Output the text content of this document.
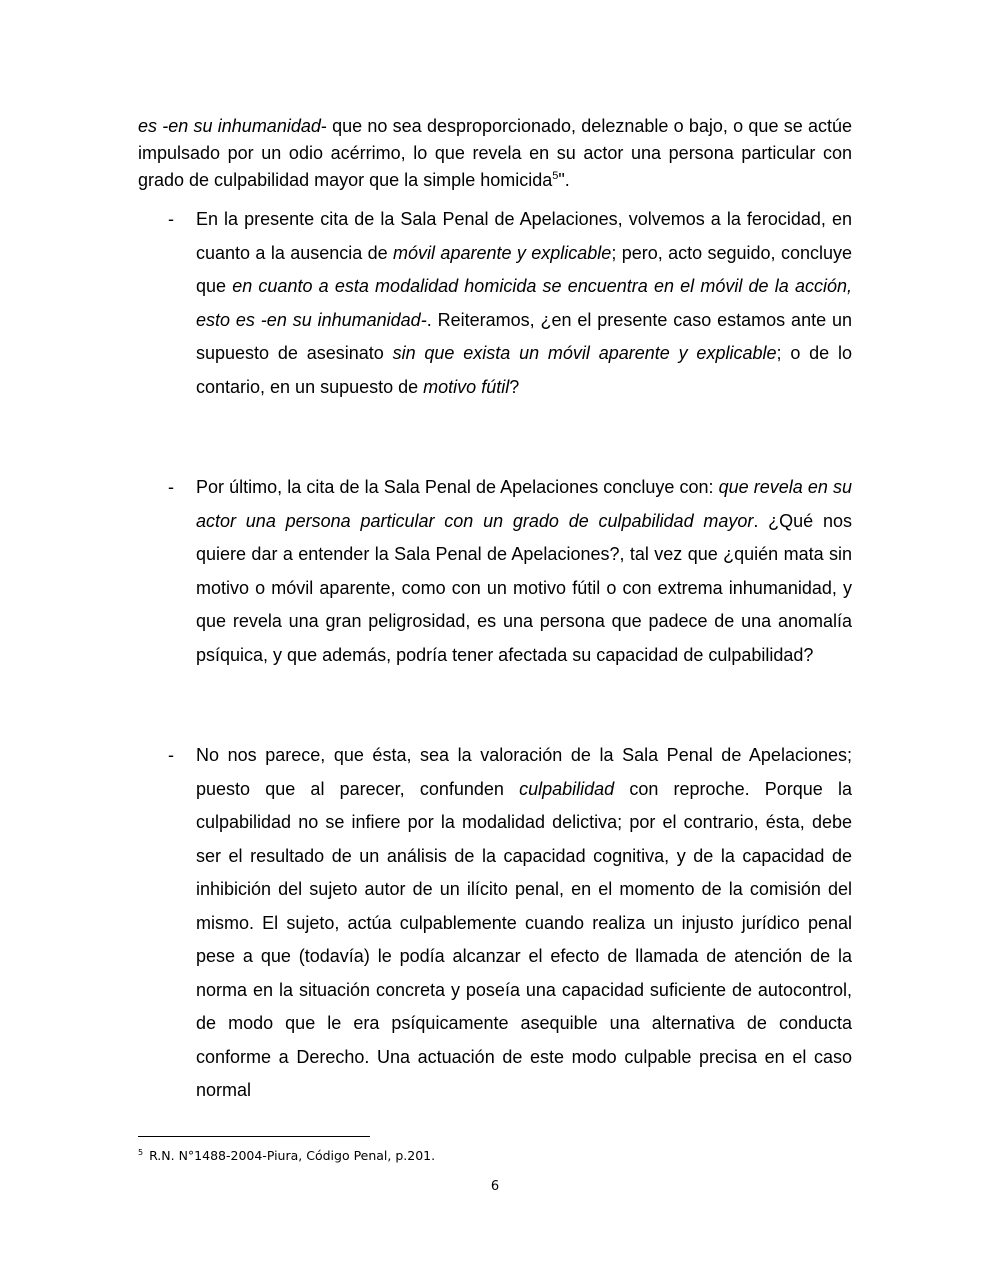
es -en su inhumanidad- que no sea desproporcionado, deleznable o bajo, o que se actúe impulsado por un odio acérrimo, lo que revela en su actor una persona particular con grado de culpabilidad mayor que la simple homicida$^5$".

- En la presente cita de la Sala Penal de Apelaciones, volvemos a la ferocidad, en cuanto a la ausencia de móvil aparente y explicable; pero, acto seguido, concluye que en cuanto a esta modalidad homicida se encuentra en el móvil de la acción, esto es -en su inhumanidad-. Reiteramos, ¿en el presente caso estamos ante un supuesto de asesinato sin que exista un móvil aparente y explicable; o de lo contario, en un supuesto de motivo fútil?

- Por último, la cita de la Sala Penal de Apelaciones concluye con: que revela en su actor una persona particular con un grado de culpabilidad mayor. ¿Qué nos quiere dar a entender la Sala Penal de Apelaciones?, tal vez que ¿quién mata sin motivo o móvil aparente, como con un motivo fútil o con extrema inhumanidad, y que revela una gran peligrosidad, es una persona que padece de una anomalía psíquica, y que además, podría tener afectada su capacidad de culpabilidad?

- No nos parece, que ésta, sea la valoración de la Sala Penal de Apelaciones; puesto que al parecer, confunden culpabilidad con reproche. Porque la culpabilidad no se infiere por la modalidad delictiva; por el contrario, ésta, debe ser el resultado de un análisis de la capacidad cognitiva, y de la capacidad de inhibición del sujeto autor de un ilícito penal, en el momento de la comisión del mismo. El sujeto, actúa culpablemente cuando realiza un injusto jurídico penal pese a que (todavía) le podía alcanzar el efecto de llamada de atención de la norma en la situación concreta y poseía una capacidad suficiente de autocontrol, de modo que le era psíquicamente asequible una alternativa de conducta conforme a Derecho. Una actuación de este modo culpable precisa en el caso normal

$^5$ R.N. N°1488-2004-Piura, Código Penal, p.201.

6
